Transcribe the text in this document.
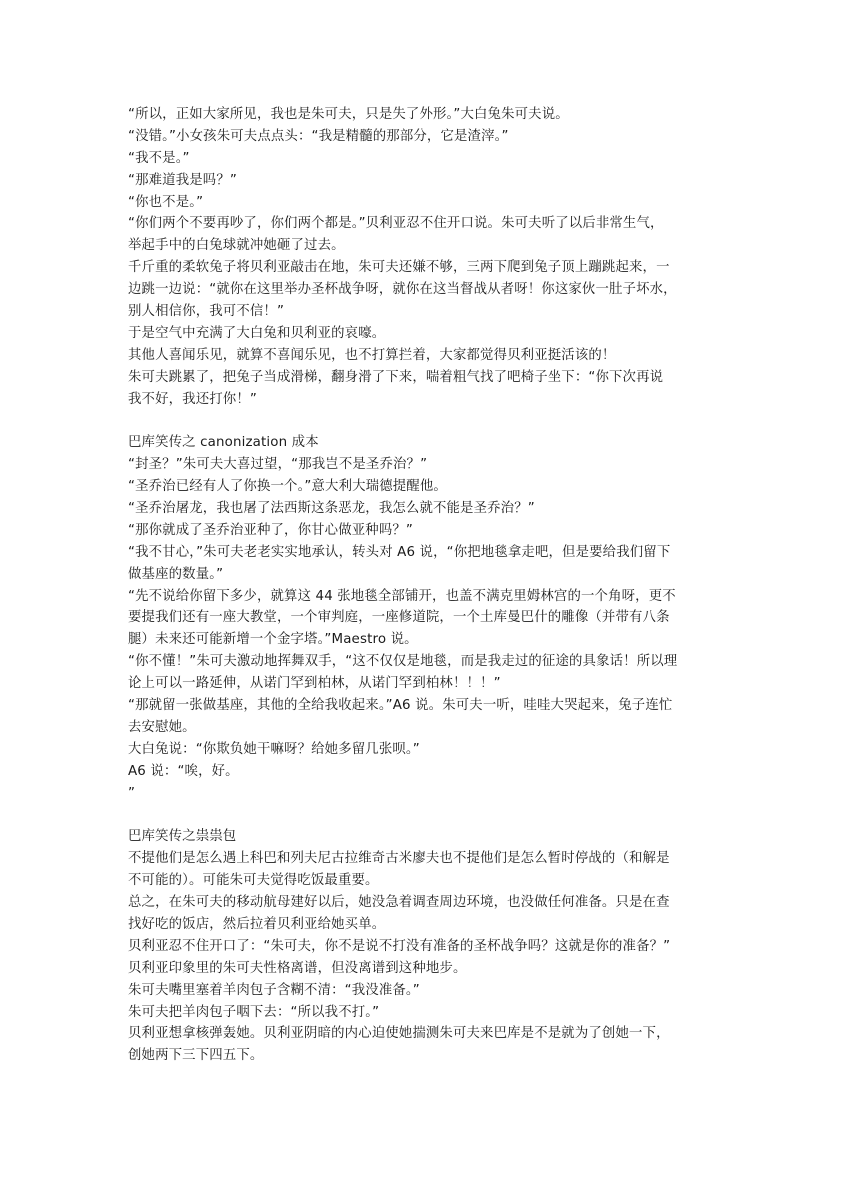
“所以，正如大家所见，我也是朱可夫，只是失了外形。”大白兔朱可夫说。
“没错。”小女孩朱可夫点点头：“我是精髓的那部分，它是渣滓。”
“我不是。”
“那难道我是吗？”
“你也不是。”
“你们两个不要再吵了，你们两个都是。”贝利亚忍不住开口说。朱可夫听了以后非常生气，
举起手中的白兔球就冲她砸了过去。
千斤重的柔软兔子将贝利亚敲击在地，朱可夫还嫌不够，三两下爬到兔子顶上蹦跳起来，一
边跳一边说：“就你在这里举办圣杯战争呀，就你在这当督战从者呀！你这家伙一肚子坏水，
别人相信你，我可不信！”
于是空气中充满了大白兔和贝利亚的哀嚎。
其他人喜闻乐见，就算不喜闻乐见，也不打算拦着，大家都觉得贝利亚挺活该的！
朱可夫跳累了，把兔子当成滑梯，翻身滑了下来，喘着粗气找了吧椅子坐下：“你下次再说
我不好，我还打你！”
巴库笑传之 canonization 成本
“封圣？”朱可夫大喜过望，“那我岂不是圣乔治？”
“圣乔治已经有人了你换一个。”意大利大瑞德提醒他。
“圣乔治屠龙，我也屠了法西斯这条恶龙，我怎么就不能是圣乔治？”
“那你就成了圣乔治亚种了，你甘心做亚种吗？”
“我不甘心，”朱可夫老老实实地承认，转头对 A6 说，“你把地毯拿走吧，但是要给我们留下
做基座的数量。”
“先不说给你留下多少，就算这 44 张地毯全部铺开，也盖不满克里姆林宫的一个角呀，更不
要提我们还有一座大教堂，一个审判庭，一座修道院，一个土库曼巴什的雕像（并带有八条
腿）未来还可能新增一个金字塔。”Maestro 说。
“你不懂！”朱可夫激动地挥舞双手，“这不仅仅是地毯，而是我走过的征途的具象话！所以理
论上可以一路延伸，从诺门罕到柏林，从诺门罕到柏林！！！”
“那就留一张做基座，其他的全给我收起来。”A6 说。朱可夫一听，哇哇大哭起来，兔子连忙
去安慰她。
大白兔说：“你欺负她干嘛呀？给她多留几张呗。”
A6 说：“唉，好。
”
巴库笑传之祟祟包
不提他们是怎么遇上科巴和列夫尼古拉维奇古米廖夫也不提他们是怎么暂时停战的（和解是
不可能的）。可能朱可夫觉得吃饭最重要。
总之，在朱可夫的移动航母建好以后，她没急着调查周边环境，也没做任何准备。只是在查
找好吃的饭店，然后拉着贝利亚给她买单。
贝利亚忍不住开口了：“朱可夫，你不是说不打没有准备的圣杯战争吗？这就是你的准备？”
贝利亚印象里的朱可夫性格离谱，但没离谱到这种地步。
朱可夫嘴里塞着羊肉包子含糊不清：“我没准备。”
朱可夫把羊肉包子咽下去：“所以我不打。”
贝利亚想拿核弹轰她。贝利亚阴暗的内心迫使她揣测朱可夫来巴库是不是就为了创她一下，
创她两下三下四五下。
